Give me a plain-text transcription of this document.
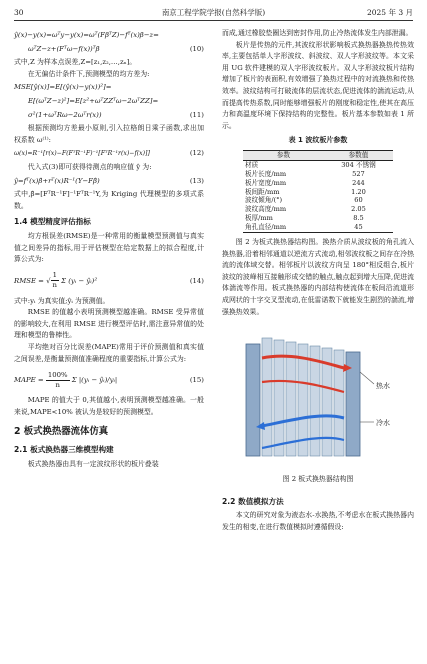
30	南京工程学院学报(自然科学版)	2025 年 3 月
ŷ(x)−y(x)=ωᵀy−y(x)=ωᵀ(FβᵀZ)−fᵀ(x)β−z=
ωᵀZ−z+(Fᵀω−f(x))ᵀβ	(10)

式中,Z 为样本点误差,Z=[z₁,z₂,…,zₙ]。

在无偏估计条件下,预测模型的均方差为:

MSE[ŷ(x)]=E[(ŷ(x)−y(x))²]=
E[(ωᵀZ−z)²]=E[z²+ωᵀZZᵀω−2ωᵀZZ]=
σ²(1+ωᵀRω−2ωᵀr(x))	(11)

根据预测均方差最小原则,引入拉格朗日乘子函数,求出加权系数 ω⁽¹⁾:

ω(x)=R⁻¹[r(x)−F(FᵀR⁻¹F)⁻¹[FᵀR⁻¹r(x)−f(x)]]	(12)

代入式(3)即可获得待测点的响应值 ŷ 为:

ŷ=fᵀ(x)β̂+rᵀ(x)R⁻¹(Y−Fβ̂)	(13)

式中,β̂=[FᵀR⁻¹F]⁻¹FᵀR⁻¹Y,为 Kriging 代理模型的多项式系数。

1.4 模型精度评估指标

均方根误差(RMSE)是一种常用的衡量模型预测值与真实值之间差异的指标,用于评估模型在给定数据上的拟合程度,计算公式为:

RMSE = √ $\frac{1}{n}$ Σ (yᵢ − ŷᵢ)²	(14)

式中:yᵢ 为真实值;ŷᵢ 为预测值。

RMSE 的值越小表明预测模型越准确。RMSE 受异常值的影响较大,在利用 RMSE 进行模型评估时,需注意异常值的处理和模型的鲁棒性。

平均绝对百分比误差(MAPE)常用于评价预测值和真实值之间误差,是衡量预测值准确程度的重要指标,计算公式为:

MAPE = $\frac{100\%}{n}$ Σ |(yᵢ − ŷᵢ)/yᵢ|	(15)

MAPE 的值大于 0,其值越小,表明预测模型越准确。一般来说,MAPE<10% 被认为是较好的预测模型。

2 板式换热器流体仿真
2.1 板式换热器三维模型构建

板式换热器由具有一定波纹形状的板片叠装

而成,通过橡胶垫圈达到密封作用,防止冷热流体发生内部泄漏。

板片是传热的元件,其波纹形状影响板式换热器换热传热效率,主要包括单人字形波纹、斜波纹、双人字形波纹等。本文采用 UG 软件建模的双人字形波纹板片。双人字形波纹板片结构增加了板片的表面积,有效增强了换热过程中的对流换热和传热效率。波纹结构可打破流体的层流状态,促进流体的湍流运动,从而提高传热系数,同时能够增强板片的刚度和稳定性,使其在高压力和高温度环境下保持结构的完整性。板片基本参数如表 1 所示。

表 1 波纹板片参数
参数	参数值
材质	304 不锈钢
板片长度/mm	527
板片宽度/mm	244
板间距/mm	1.20
波纹倾角/(°)	60
波纹高度/mm	2.05
板厚/mm	8.5
角孔直径/mm	45

图 2 为板式换热器结构图。换热介质从波纹板的角孔流入换热器,沿着相邻通道以逆流方式流动,相邻波纹板之间存在冷热流的流体域交替。相邻板片以波纹方向呈 180°相反组合,板片波纹的波峰相互接触形成交错的触点,触点起到增大压降,促进流体湍流等作用。板式换热器的内部结构使流体在板间沿流道形成网状的十字交叉型流动,在低雷诺数下就能发生剧烈的湍流,增强换热效果。

热水
冷水
图 2 板式换热器结构图
2.2 数值模拟方法

本文的研究对象为液态水-水换热,不考虑水在板式换热器内发生的相变,在进行数值模拟时遵循假设:
